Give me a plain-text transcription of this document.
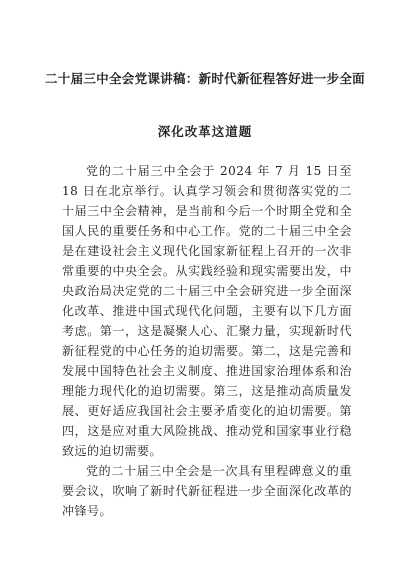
二十届三中全会党课讲稿：新时代新征程答好进一步全面
深化改革这道题

党的二十届三中全会于 2024 年 7 月 15 日至 18 日在北京举行。认真学习领会和贯彻落实党的二十届三中全会精神，是当前和今后一个时期全党和全国人民的重要任务和中心工作。党的二十届三中全会是在建设社会主义现代化国家新征程上召开的一次非常重要的中央全会。从实践经验和现实需要出发，中央政治局决定党的二十届三中全会研究进一步全面深化改革、推进中国式现代化问题，主要有以下几方面考虑。第一，这是凝聚人心、汇聚力量，实现新时代新征程党的中心任务的迫切需要。第二，这是完善和发展中国特色社会主义制度、推进国家治理体系和治理能力现代化的迫切需要。第三，这是推动高质量发展、更好适应我国社会主要矛盾变化的迫切需要。第四，这是应对重大风险挑战、推动党和国家事业行稳致远的迫切需要。

党的二十届三中全会是一次具有里程碑意义的重要会议，吹响了新时代新征程进一步全面深化改革的冲锋号。
